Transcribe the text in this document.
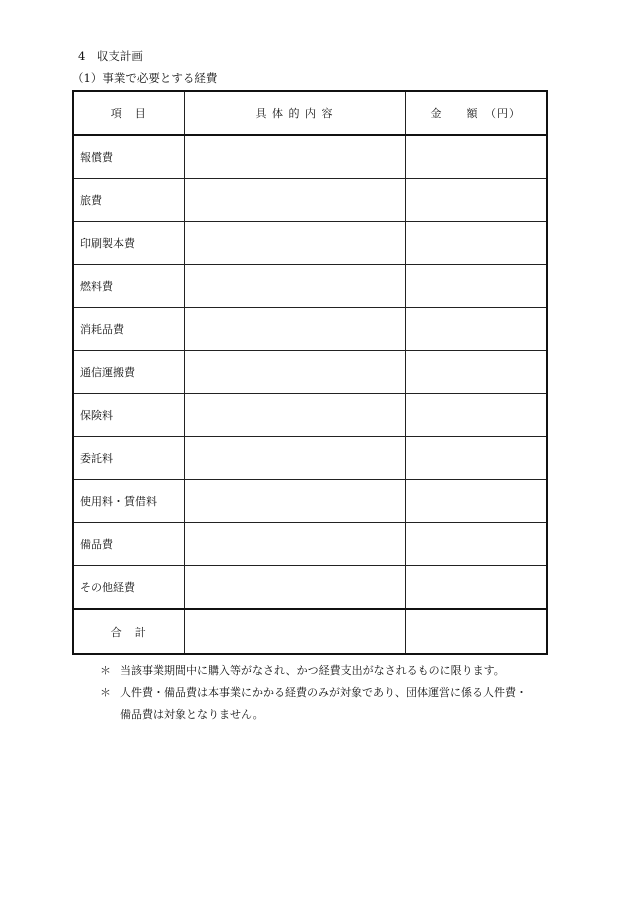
4　収支計画
（1）事業で必要とする経費
項　目	具 体 的 内 容	金　　額　（円）
報償費		
旅費		
印刷製本費		
燃料費		
消耗品費		
通信運搬費		
保険料		
委託料		
使用料・賃借料		
備品費		
その他経費		
合　計		
＊ 当該事業期間中に購入等がなされ、かつ経費支出がなされるものに限ります。
＊ 人件費・備品費は本事業にかかる経費のみが対象であり、団体運営に係る人件費・
備品費は対象となりません。
